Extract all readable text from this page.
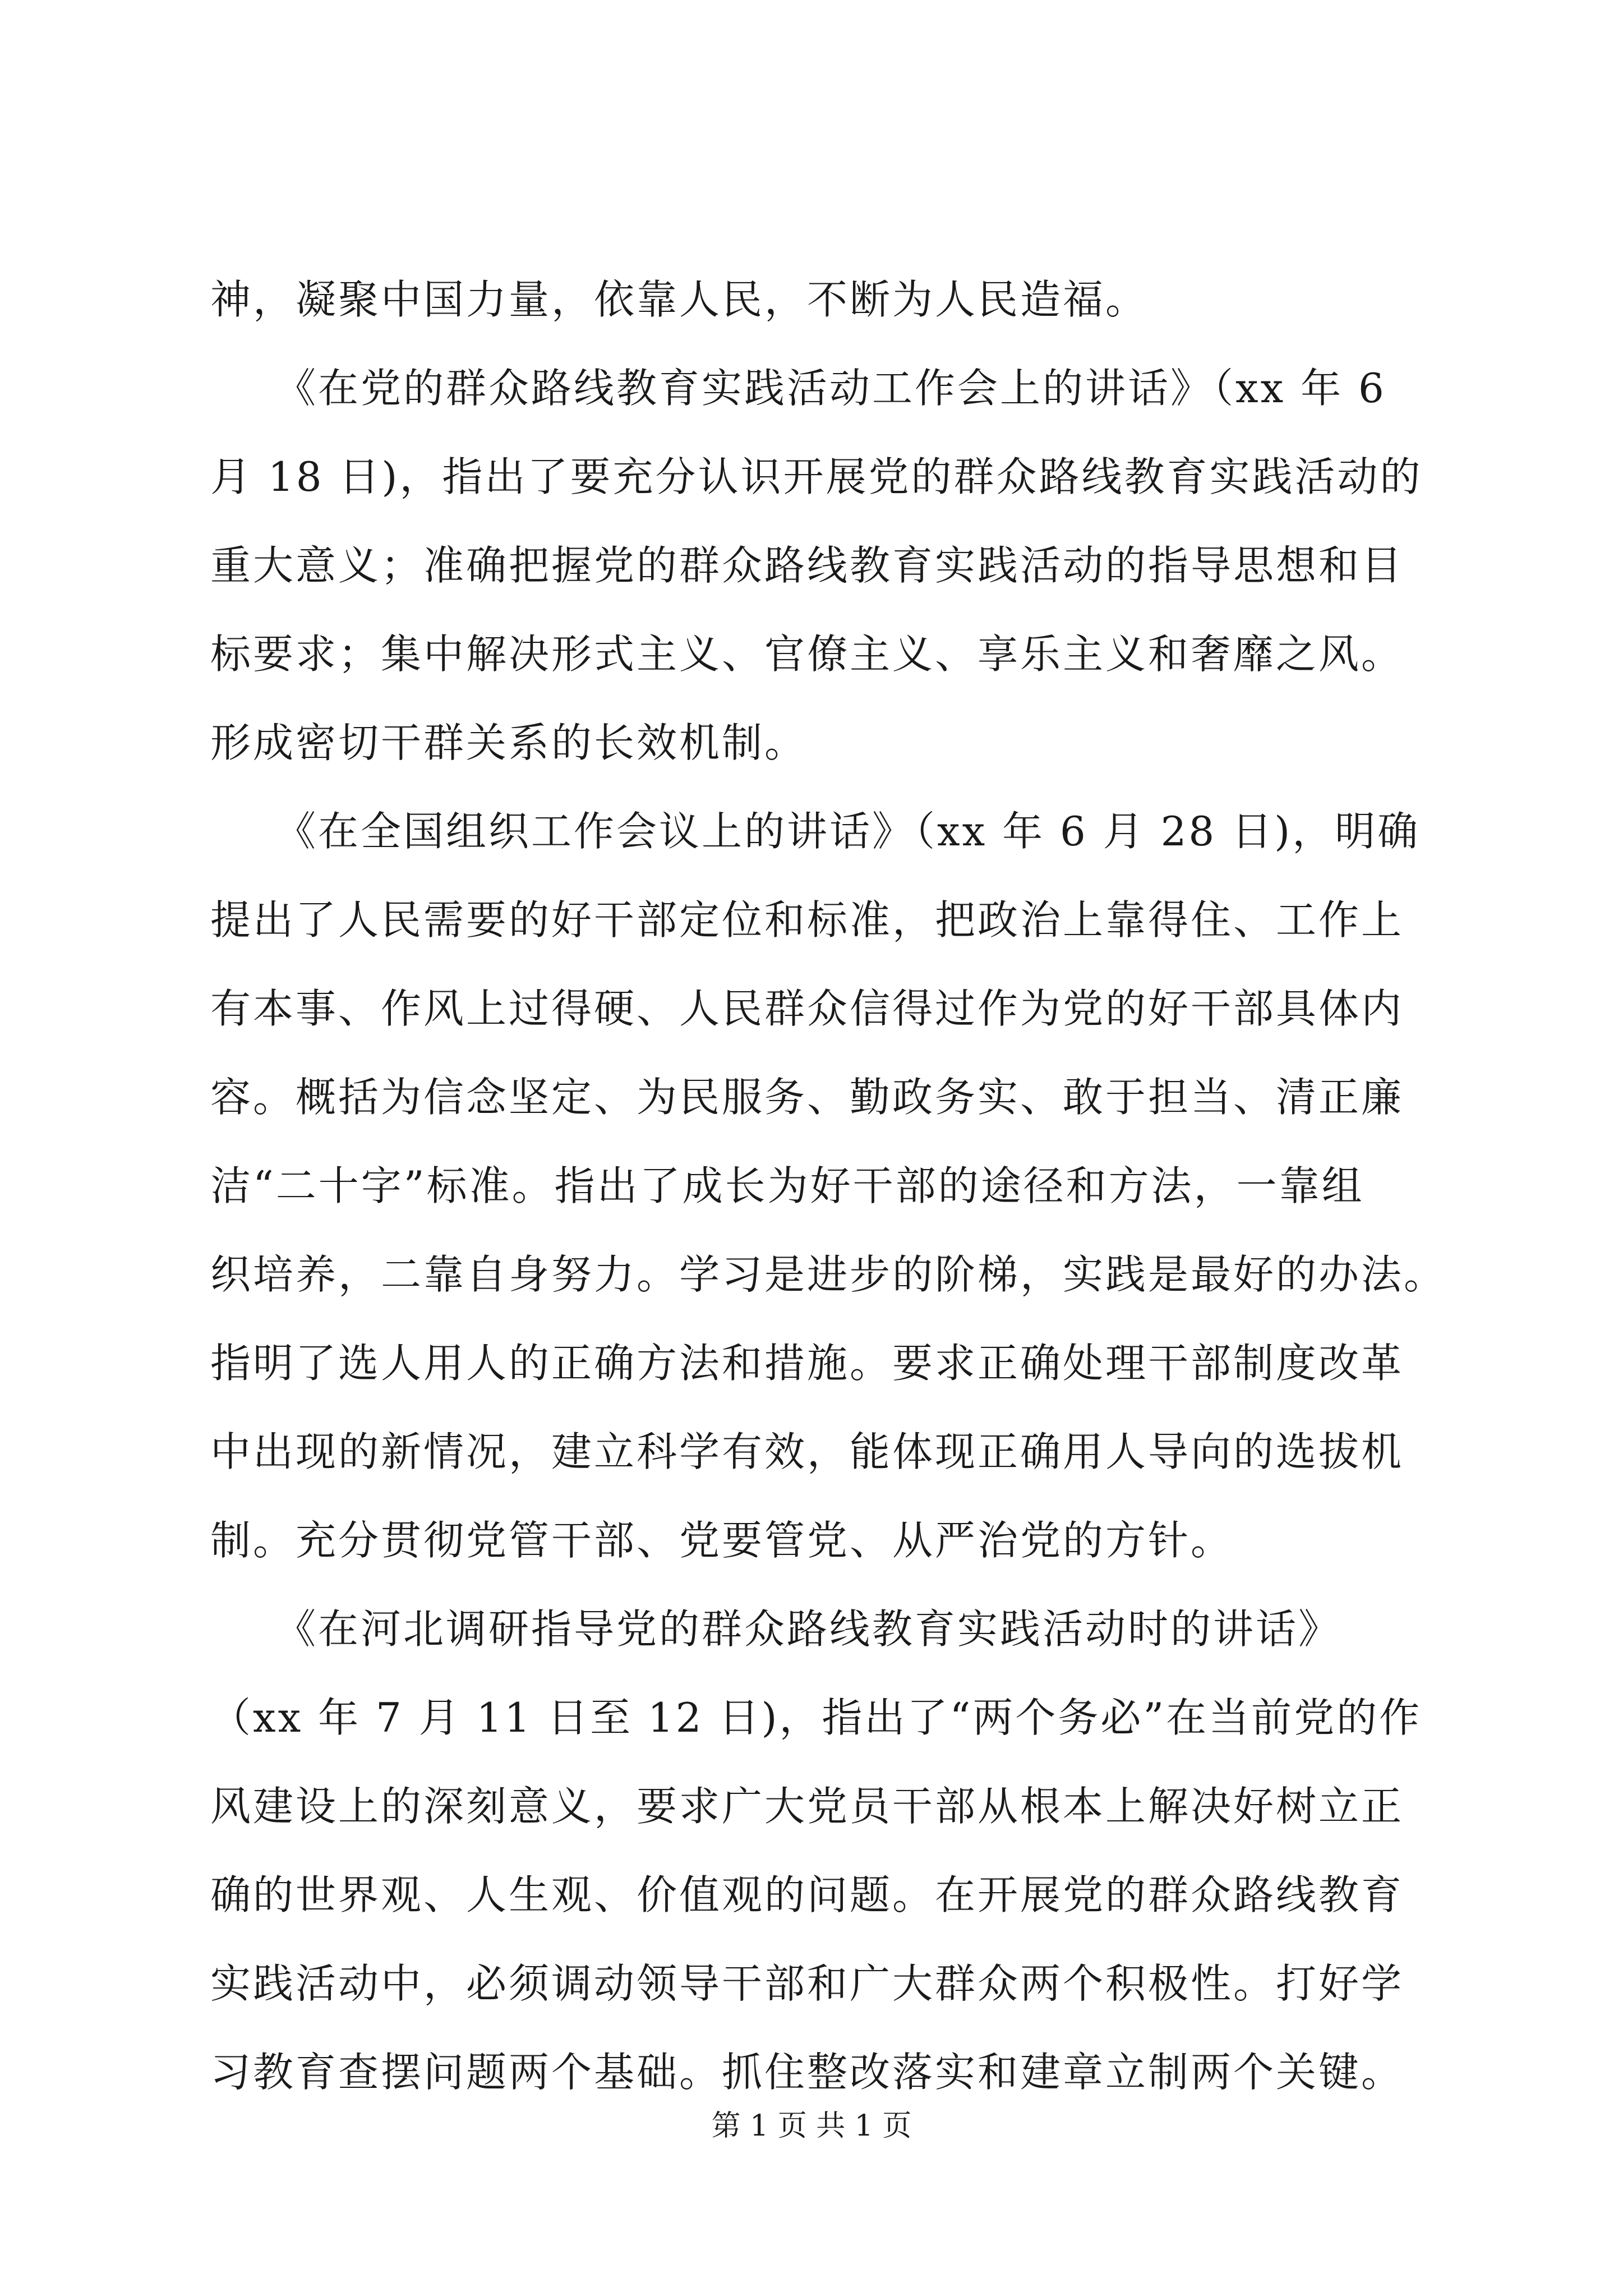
神，凝聚中国力量，依靠人民，不断为人民造福。
　　《在党的群众路线教育实践活动工作会上的讲话》（xx 年 6
月 18 日)，指出了要充分认识开展党的群众路线教育实践活动的
重大意义；准确把握党的群众路线教育实践活动的指导思想和目
标要求；集中解决形式主义、官僚主义、享乐主义和奢靡之风。
形成密切干群关系的长效机制。
　　《在全国组织工作会议上的讲话》（xx 年 6 月 28 日)，明确
提出了人民需要的好干部定位和标准，把政治上靠得住、工作上
有本事、作风上过得硬、人民群众信得过作为党的好干部具体内
容。概括为信念坚定、为民服务、勤政务实、敢于担当、清正廉
洁“二十字”标准。指出了成长为好干部的途径和方法，一靠组
织培养，二靠自身努力。学习是进步的阶梯，实践是最好的办法。
指明了选人用人的正确方法和措施。要求正确处理干部制度改革
中出现的新情况，建立科学有效，能体现正确用人导向的选拔机
制。充分贯彻党管干部、党要管党、从严治党的方针。
　　《在河北调研指导党的群众路线教育实践活动时的讲话》
（xx 年 7 月 11 日至 12 日)，指出了“两个务必”在当前党的作
风建设上的深刻意义，要求广大党员干部从根本上解决好树立正
确的世界观、人生观、价值观的问题。在开展党的群众路线教育
实践活动中，必须调动领导干部和广大群众两个积极性。打好学
习教育查摆问题两个基础。抓住整改落实和建章立制两个关键。
第 1 页 共 1 页
